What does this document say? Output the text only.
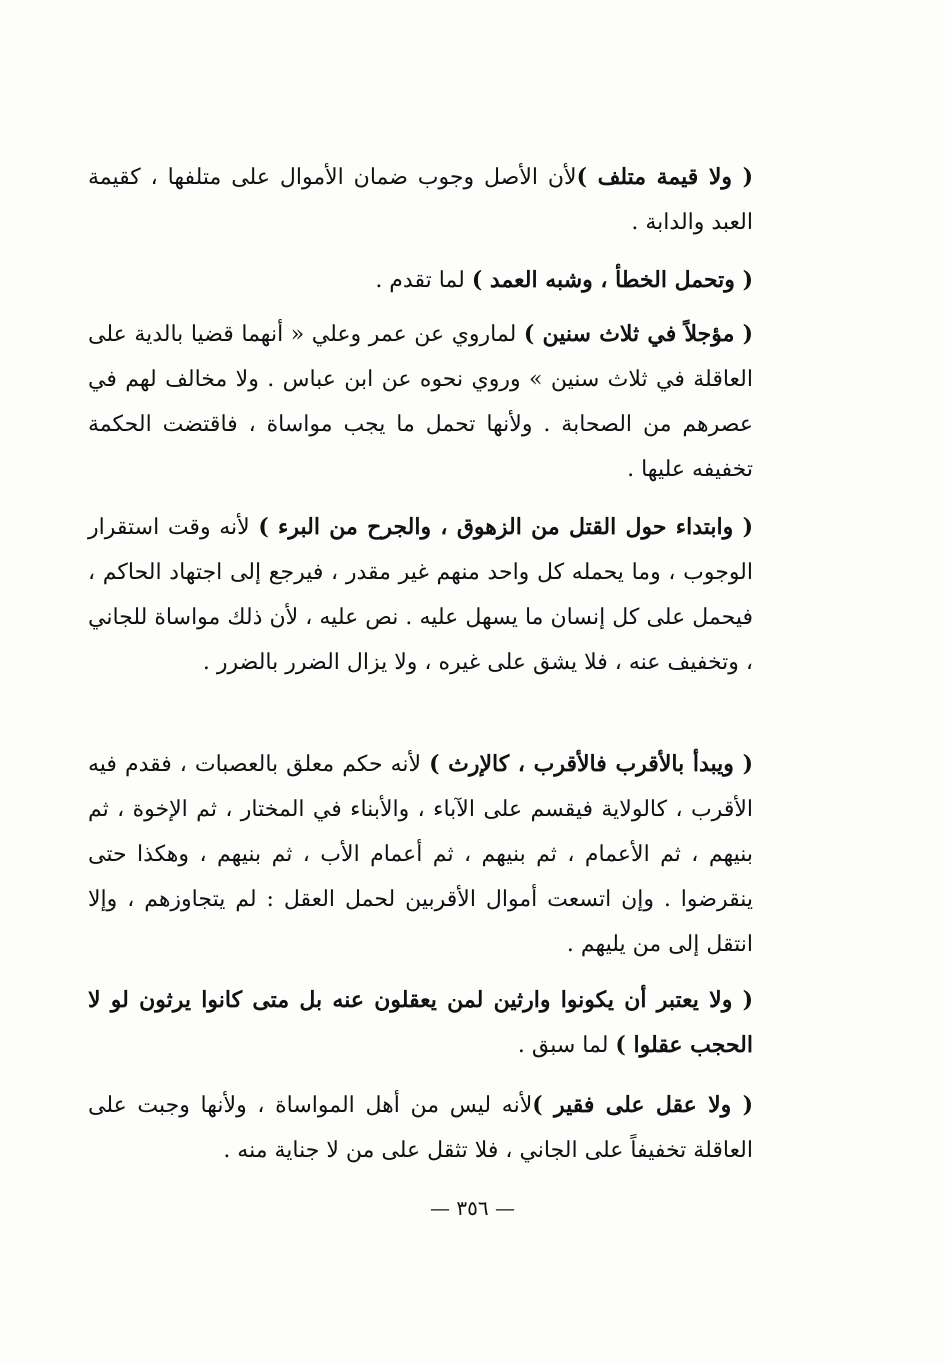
( ولا قيمة متلف )لأن الأصل وجوب ضمان الأموال على متلفها ، كقيمة العبد والدابة .

( وتحمل الخطأ ، وشبه العمد ) لما تقدم .

( مؤجلاً في ثلاث سنين ) لماروي عن عمر وعلي « أنهما قضيا بالدية على العاقلة في ثلاث سنين » وروي نحوه عن ابن عباس . ولا مخالف لهم في عصرهم من الصحابة . ولأنها تحمل ما يجب مواساة ، فاقتضت الحكمة تخفيفه عليها .

( وابتداء حول القتل من الزهوق ، والجرح من البرء ) لأنه وقت استقرار الوجوب ، وما يحمله كل واحد منهم غير مقدر ، فيرجع إلى اجتهاد الحاكم ، فيحمل على كل إنسان ما يسهل عليه . نص عليه ، لأن ذلك مواساة للجاني ، وتخفيف عنه ، فلا يشق على غيره ، ولا يزال الضرر بالضرر .

( ويبدأ بالأقرب فالأقرب ، كالإرث ) لأنه حكم معلق بالعصبات ، فقدم فيه الأقرب ، كالولاية فيقسم على الآباء ، والأبناء في المختار ، ثم الإخوة ، ثم بنيهم ، ثم الأعمام ، ثم بنيهم ، ثم أعمام الأب ، ثم بنيهم ، وهكذا حتى ينقرضوا . وإن اتسعت أموال الأقربين لحمل العقل : لم يتجاوزهم ، وإلا انتقل إلى من يليهم .

( ولا يعتبر أن يكونوا وارثين لمن يعقلون عنه بل متى كانوا يرثون لو لا الحجب عقلوا ) لما سبق .

( ولا عقل على فقير )لأنه ليس من أهل المواساة ، ولأنها وجبت على العاقلة تخفيفاً على الجاني ، فلا تثقل على من لا جناية منه .

— ٣٥٦ —
